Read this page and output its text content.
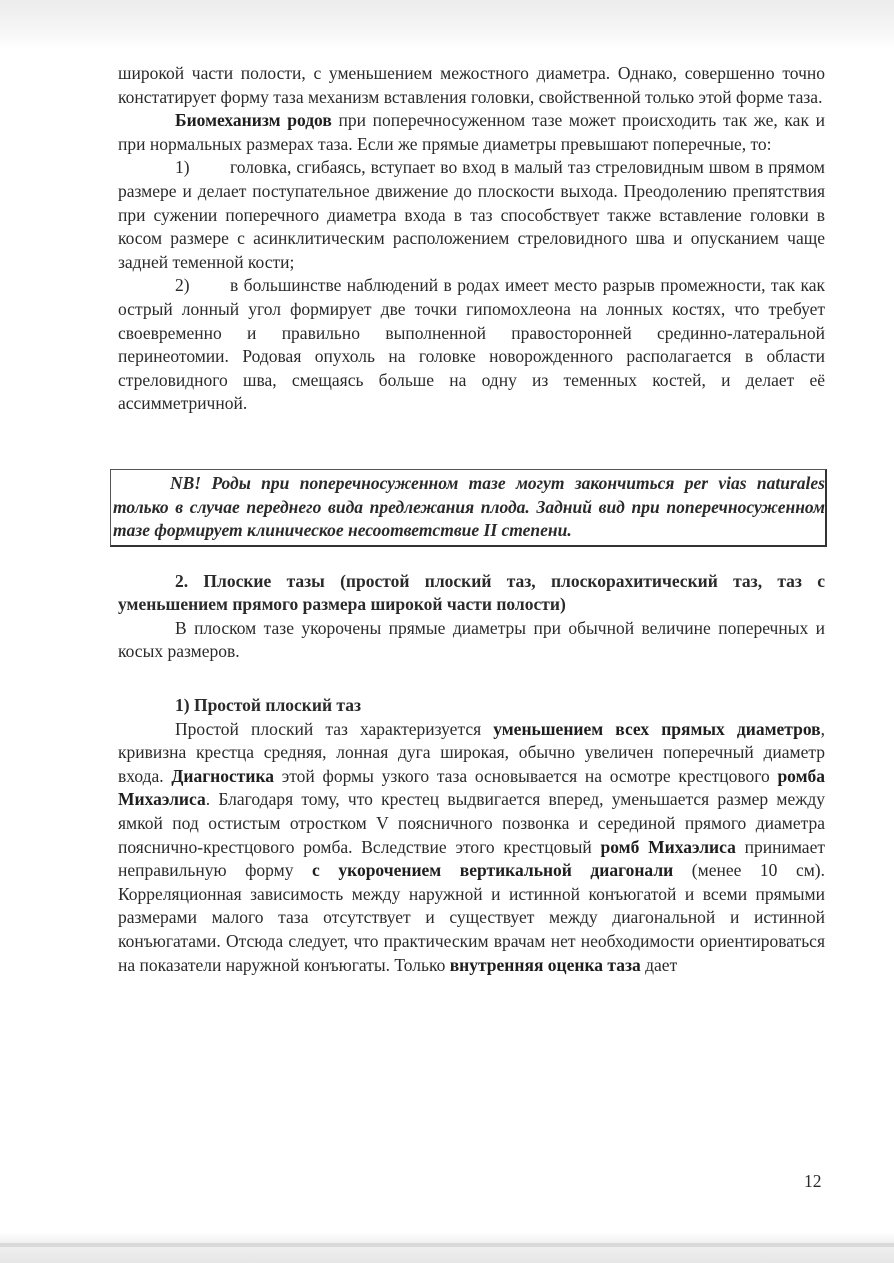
широкой части полости, с уменьшением межостного диаметра. Однако, совершенно точно констатирует форму таза механизм вставления головки, свойственной только этой форме таза.

Биомеханизм родов при поперечносуженном тазе может происходить так же, как и при нормальных размерах таза. Если же прямые диаметры превышают поперечные, то:

1) головка, сгибаясь, вступает во вход в малый таз стреловидным швом в прямом размере и делает поступательное движение до плоскости выхода. Преодолению препятствия при сужении поперечного диаметра входа в таз способствует также вставление головки в косом размере с асинклитическим расположением стреловидного шва и опусканием чаще задней теменной кости;

2) в большинстве наблюдений в родах имеет место разрыв промежности, так как острый лонный угол формирует две точки гипомохлеона на лонных костях, что требует своевременно и правильно выполненной правосторонней срединно-латеральной перинеотомии. Родовая опухоль на головке новорожденного располагается в области стреловидного шва, смещаясь больше на одну из теменных костей, и делает её ассимметричной.

NB! Роды при поперечносуженном тазе могут закончиться per vias naturales только в случае переднего вида предлежания плода. Задний вид при поперечносуженном тазе формирует клиническое несоответствие II степени.

2. Плоские тазы (простой плоский таз, плоскорахитический таз, таз с уменьшением прямого размера широкой части полости)

В плоском тазе укорочены прямые диаметры при обычной величине поперечных и косых размеров.

1) Простой плоский таз

Простой плоский таз характеризуется уменьшением всех прямых диаметров, кривизна крестца средняя, лонная дуга широкая, обычно увеличен поперечный диаметр входа. Диагностика этой формы узкого таза основывается на осмотре крестцового ромба Михаэлиса. Благодаря тому, что крестец выдвигается вперед, уменьшается размер между ямкой под остистым отростком V поясничного позвонка и серединой прямого диаметра пояснично-крестцового ромба. Вследствие этого крестцовый ромб Михаэлиса принимает неправильную форму с укорочением вертикальной диагонали (менее 10 см). Корреляционная зависимость между наружной и истинной конъюгатой и всеми прямыми размерами малого таза отсутствует и существует между диагональной и истинной конъюгатами. Отсюда следует, что практическим врачам нет необходимости ориентироваться на показатели наружной конъюгаты. Только внутренняя оценка таза дает

12
